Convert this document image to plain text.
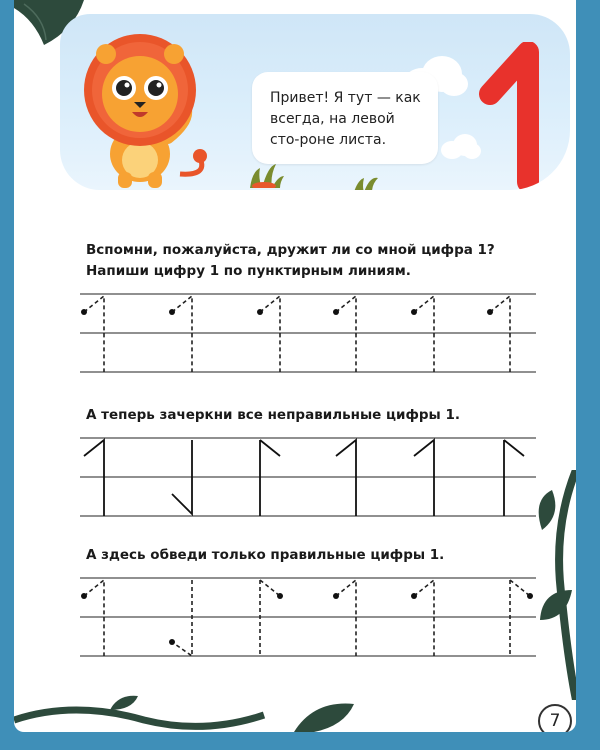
Привет! Я тут — как всегда, на левой сто-роне листа.

Вспомни, пожалуйста, дружит ли со мной цифра 1?
Напиши цифру 1 по пунктирным линиям.
А теперь зачеркни все неправильные цифры 1.
А здесь обведи только правильные цифры 1.
7
